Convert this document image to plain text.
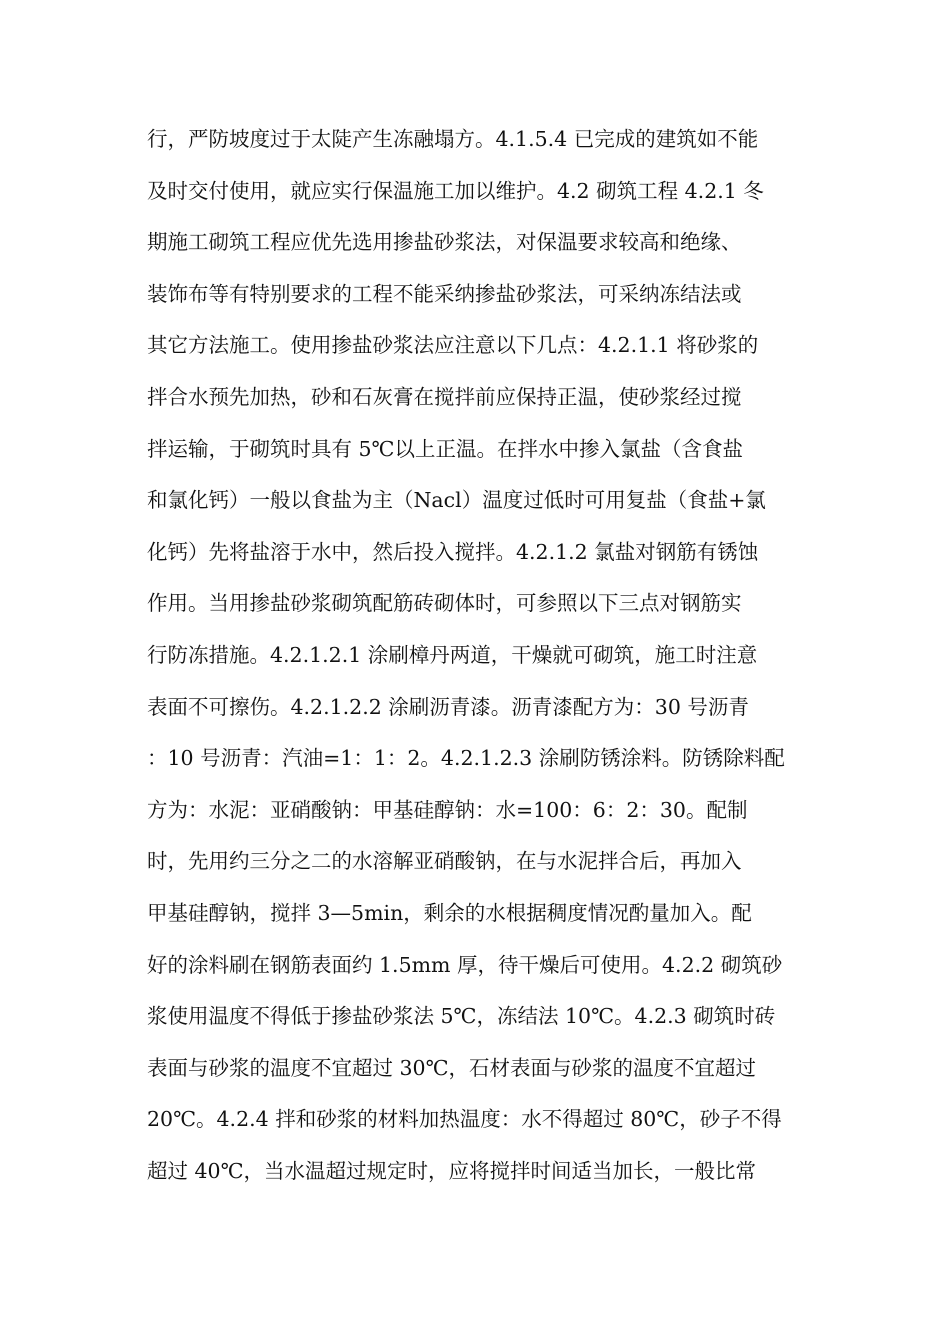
行，严防坡度过于太陡产生冻融塌方。4.1.5.4 已完成的建筑如不能
及时交付使用，就应实行保温施工加以维护。4.2 砌筑工程 4.2.1 冬
期施工砌筑工程应优先选用掺盐砂浆法，对保温要求较高和绝缘、
装饰布等有特别要求的工程不能采纳掺盐砂浆法，可采纳冻结法或
其它方法施工。使用掺盐砂浆法应注意以下几点：4.2.1.1 将砂浆的
拌合水预先加热，砂和石灰膏在搅拌前应保持正温，使砂浆经过搅
拌运输，于砌筑时具有 5℃以上正温。在拌水中掺入氯盐（含食盐
和氯化钙）一般以食盐为主（Nacl）温度过低时可用复盐（食盐+氯
化钙）先将盐溶于水中，然后投入搅拌。4.2.1.2 氯盐对钢筋有锈蚀
作用。当用掺盐砂浆砌筑配筋砖砌体时，可参照以下三点对钢筋实
行防冻措施。4.2.1.2.1 涂刷樟丹两道，干燥就可砌筑，施工时注意
表面不可擦伤。4.2.1.2.2 涂刷沥青漆。沥青漆配方为：30 号沥青
：10 号沥青：汽油=1：1：2。4.2.1.2.3 涂刷防锈涂料。防锈除料配
方为：水泥：亚硝酸钠：甲基硅醇钠：水=100：6：2：30。配制
时，先用约三分之二的水溶解亚硝酸钠，在与水泥拌合后，再加入
甲基硅醇钠，搅拌 3—5min，剩余的水根据稠度情况酌量加入。配
好的涂料刷在钢筋表面约 1.5mm 厚，待干燥后可使用。4.2.2 砌筑砂
浆使用温度不得低于掺盐砂浆法 5℃，冻结法 10℃。4.2.3 砌筑时砖
表面与砂浆的温度不宜超过 30℃，石材表面与砂浆的温度不宜超过
20℃。4.2.4 拌和砂浆的材料加热温度：水不得超过 80℃，砂子不得
超过 40℃，当水温超过规定时，应将搅拌时间适当加长，一般比常
